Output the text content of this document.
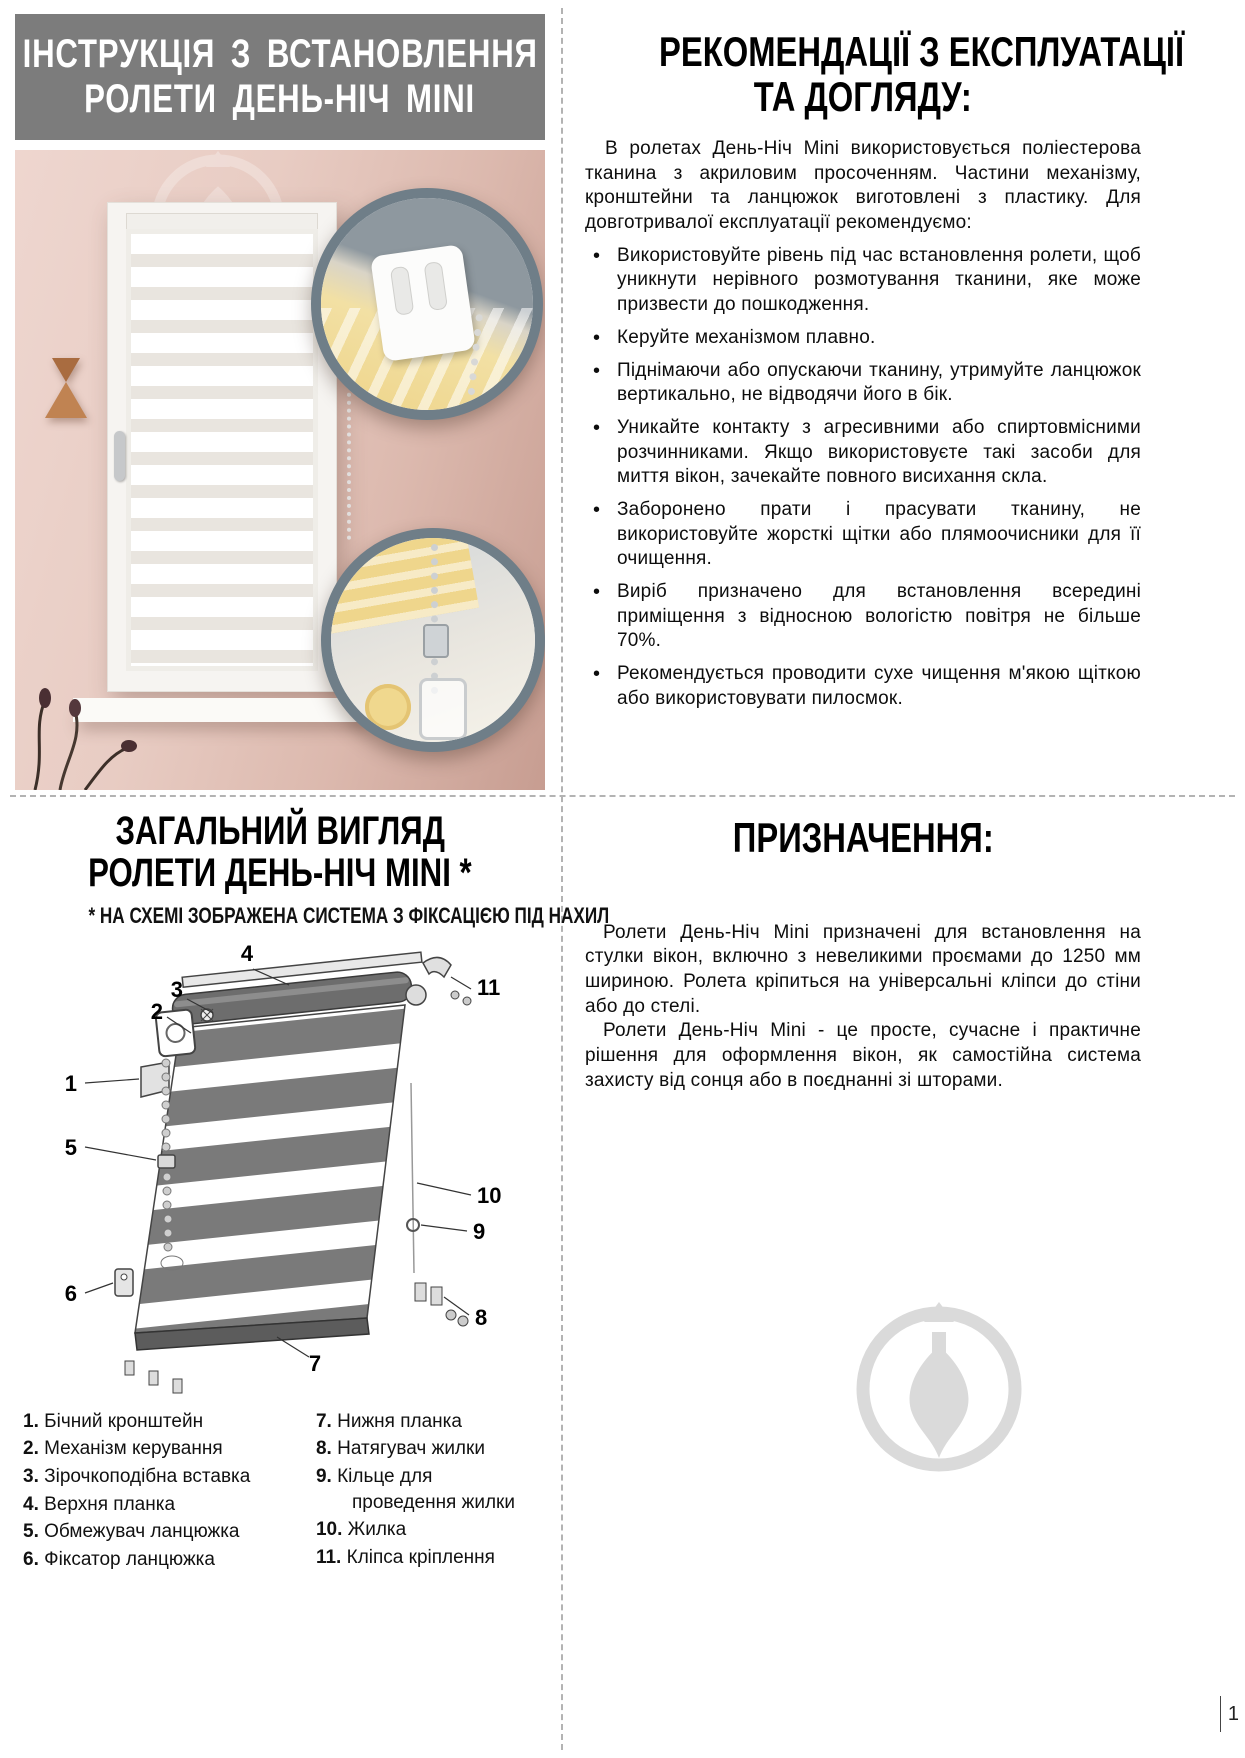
ІНСТРУКЦІЯ З ВСТАНОВЛЕННЯ
РОЛЕТИ ДЕНЬ-НІЧ MINI
РЕКОМЕНДАЦІЇ З ЕКСПЛУАТАЦІЇ
ТА ДОГЛЯДУ:

В ролетах День-Ніч Mini використовується поліестерова тканина з акриловим просоченням. Частини механізму, кронштейни та ланцюжок виготовлені з пластику. Для довготривалої експлуатації рекомендуємо:

• Використовуйте рівень під час встановлення ролети, щоб уникнути нерівного розмотування тканини, яке може призвести до пошкодження.
• Керуйте механізмом плавно.
• Піднімаючи або опускаючи тканину, утримуйте ланцюжок вертикально, не відводячи його в бік.
• Уникайте контакту з агресивними або спиртовмісними розчинниками. Якщо використовуєте такі засоби для миття вікон, зачекайте повного висихання скла.
• Заборонено прати і прасувати тканину, не використовуйте жорсткі щітки або плямоочисники для її очищення.
• Виріб призначено для встановлення всередині приміщення з відносною вологістю повітря не більше 70%.
• Рекомендується проводити сухе чищення м'якою щіткою або використовувати пилосмок.
ЗАГАЛЬНИЙ ВИГЛЯД
РОЛЕТИ ДЕНЬ-НІЧ MINI *
* НА СХЕМІ ЗОБРАЖЕНА СИСТЕМА З ФІКСАЦІЄЮ ПІД НАХИЛ
4
3
2
11
1
5
10
9
6
8
7
1. Бічний кронштейн
2. Механізм керування
3. Зірочкоподібна вставка
4. Верхня планка
5. Обмежувач ланцюжка
6. Фіксатор ланцюжка
7. Нижня планка
8. Натягувач жилки
9. Кільце для проведення жилки
10. Жилка
11. Кліпса кріплення
ПРИЗНАЧЕННЯ:

Ролети День-Ніч Mini призначені для встановлення на стулки вікон, включно з невеликими проємами до 1250 мм шириною. Ролета кріпиться на універсальні кліпси до стіни або до стелі.

Ролети День-Ніч Mini - це просте, сучасне і практичне рішення для оформлення вікон, як самостійна система захисту від сонця або в поєднанні зі шторами.

1
